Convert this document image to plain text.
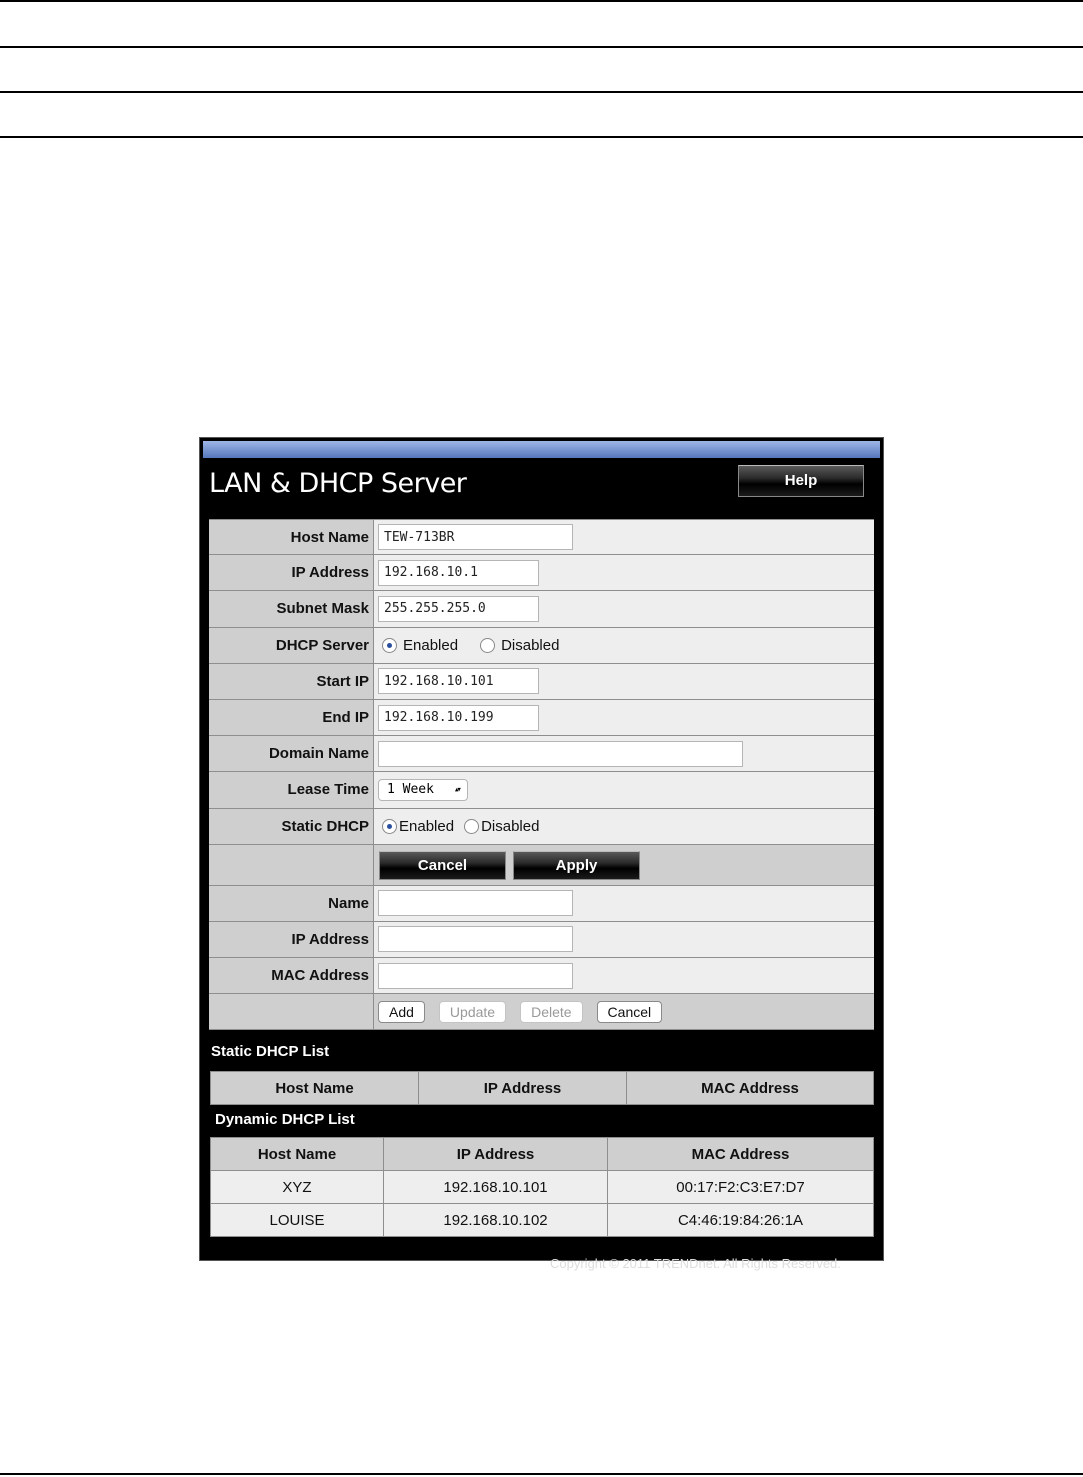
LAN & DHCP Server	Help
Host Name	TEW-713BR
IP Address	192.168.10.1
Subnet Mask	255.255.255.0
DHCP Server	Enabled	Disabled
Start IP	192.168.10.101
End IP	192.168.10.199
Domain Name
Lease Time	1 Week ▴▾
Static DHCP	Enabled Disabled
Cancel	Apply
Name
IP Address
MAC Address
Add	Update	Delete	Cancel
Static DHCP List
Host Name	IP Address	MAC Address
Dynamic DHCP List
Host Name	IP Address	MAC Address
XYZ	192.168.10.101	00:17:F2:C3:E7:D7
LOUISE	192.168.10.102	C4:46:19:84:26:1A
Copyright © 2011 TRENDnet. All Rights Reserved.
